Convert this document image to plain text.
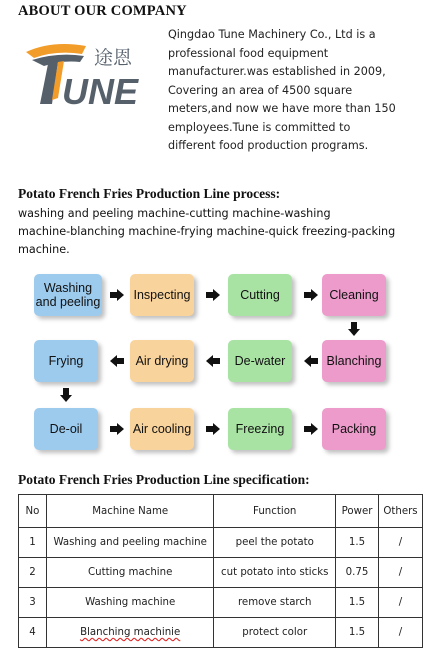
ABOUT OUR COMPANY
途恩
UNE
Qingdao Tune Machinery Co., Ltd is a
professional food equipment
manufacturer.was established in 2009,
Covering an area of 4500 square
meters,and now we have more than 150
employees.Tune is committed to
different food production programs.
Potato French Fries Production Line process:
washing and peeling machine-cutting machine-washing
machine-blanching machine-frying machine-quick freezing-packing
machine.
Washing and peeling	Inspecting	Cutting	Cleaning
Frying	Air drying	De-water	Blanching
De-oil	Air cooling	Freezing	Packing
Potato French Fries Production Line specification:
No	Machine Name	Function	Power	Others
1	Washing and peeling machine	peel the potato	1.5	/
2	Cutting machine	cut potato into sticks	0.75	/
3	Washing machine	remove starch	1.5	/
4	Blanching machinie	protect color	1.5	/
